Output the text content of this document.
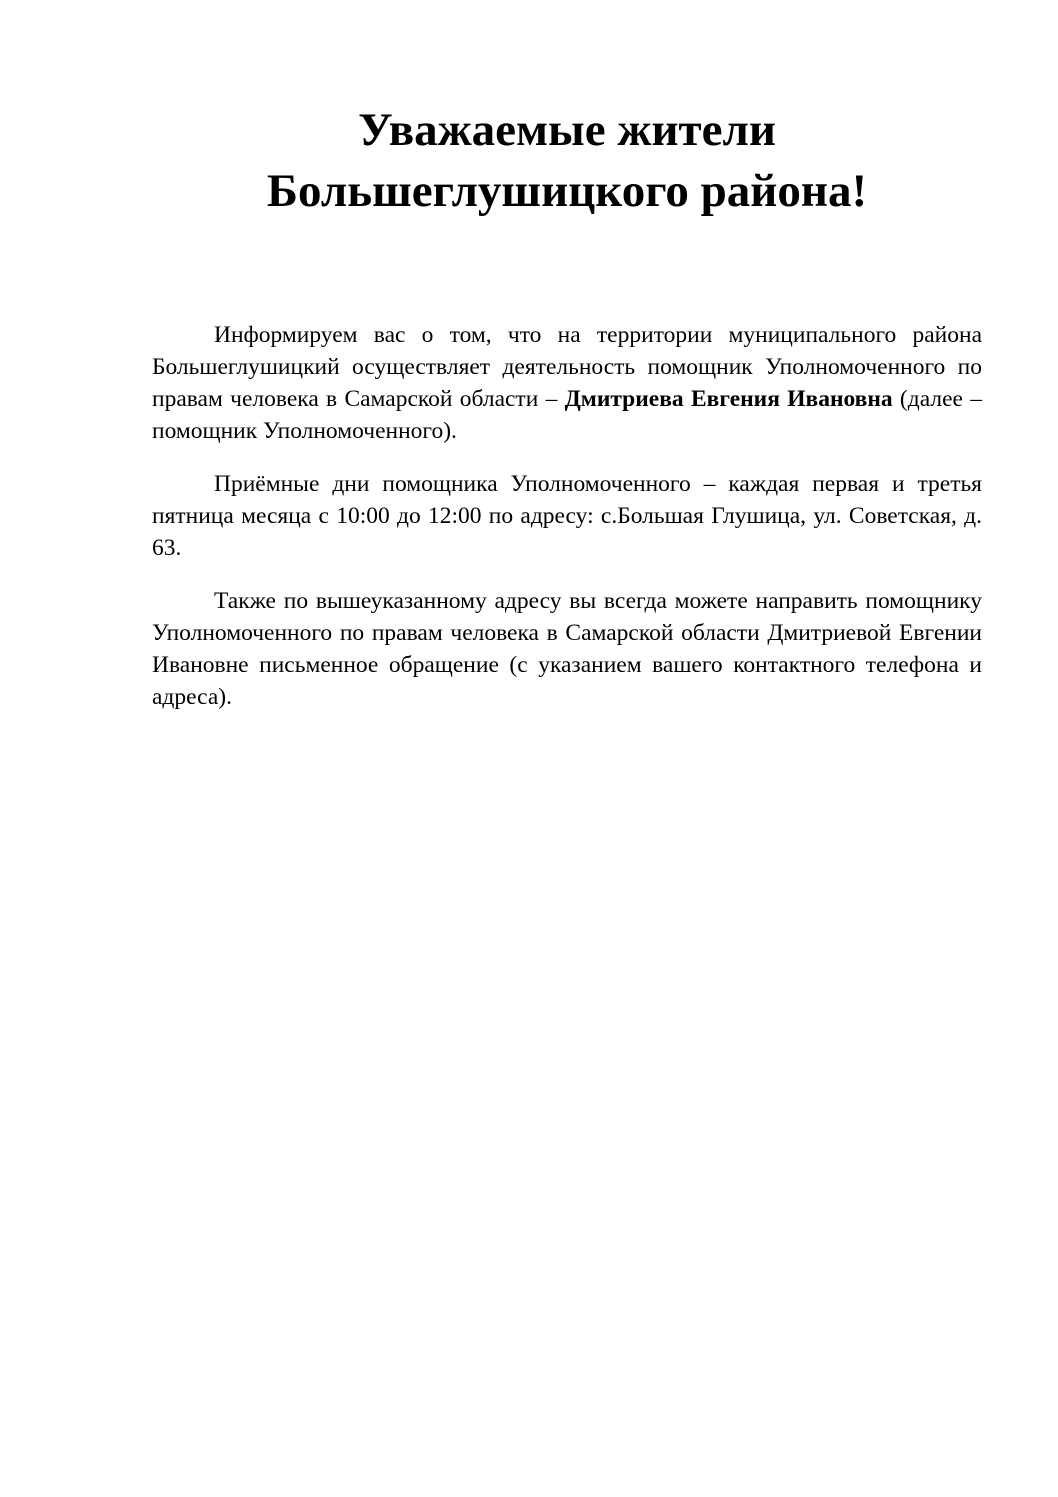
Уважаемые жители
Большеглушицкого района!

Информируем вас о том, что на территории муниципального района Большеглушицкий осуществляет деятельность помощник Уполномоченного по правам человека в Самарской области – Дмитриева Евгения Ивановна (далее – помощник Уполномоченного).

Приёмные дни помощника Уполномоченного – каждая первая и третья пятница месяца с 10:00 до 12:00 по адресу: с.Большая Глушица, ул. Советская, д. 63.

Также по вышеуказанному адресу вы всегда можете направить помощнику Уполномоченного по правам человека в Самарской области Дмитриевой Евгении Ивановне письменное обращение (с указанием вашего контактного телефона и адреса).
